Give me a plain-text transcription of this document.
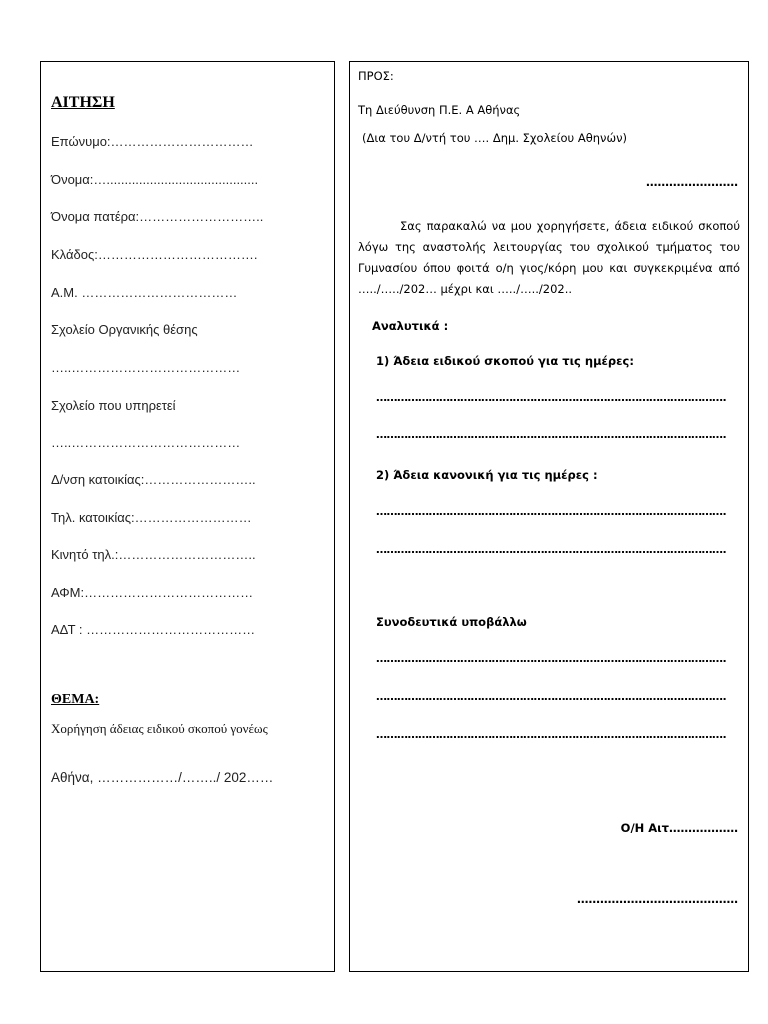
ΑΙΤΗΣΗ
Επώνυμο:……………………………
Όνομα:…..........................................
Όνομα πατέρα:………………………..
Κλάδος:……………………………….
Α.Μ. ………………………………
Σχολείο Οργανικής θέσης
…..…………………………………
Σχολείο που υπηρετεί
…..…………………………………
Δ/νση κατοικίας:……………………..
Τηλ. κατοικίας:………………………
Κινητό τηλ.:…………………………..
ΑΦΜ:…………………………………
ΑΔΤ : …………………………………
ΘΕΜΑ:
Χορήγηση άδειας ειδικού σκοπού γονέως
Αθήνα, ………………/……../ 202……
ΠΡΟΣ:
Τη Διεύθυνση Π.Ε. Α Αθήνας
(Δια του Δ/ντή του …. Δημ. Σχολείου Αθηνών)
……………………
Σας παρακαλώ να μου χορηγήσετε, άδεια ειδικού σκοπού λόγω της αναστολής λειτουργίας του σχολικού τμήματος του Γυμνασίου όπου φοιτά ο/η γιος/κόρη μου και συγκεκριμένα από …../…../202… μέχρι και …../…../202..
Αναλυτικά :
1) Άδεια ειδικού σκοπού για τις ημέρες:
……………………………………………………………………………………….
……………………………………………………………………………………….
2) Άδεια κανονική για τις ημέρες :
……………………………………………………………………………………….
……………………………………………………………………………………….
Συνοδευτικά υποβάλλω
……………………………………………………………………………………….
……………………………………………………………………………………….
……………………………………………………………………………………….
Ο/Η Αιτ………………
……………………………………
